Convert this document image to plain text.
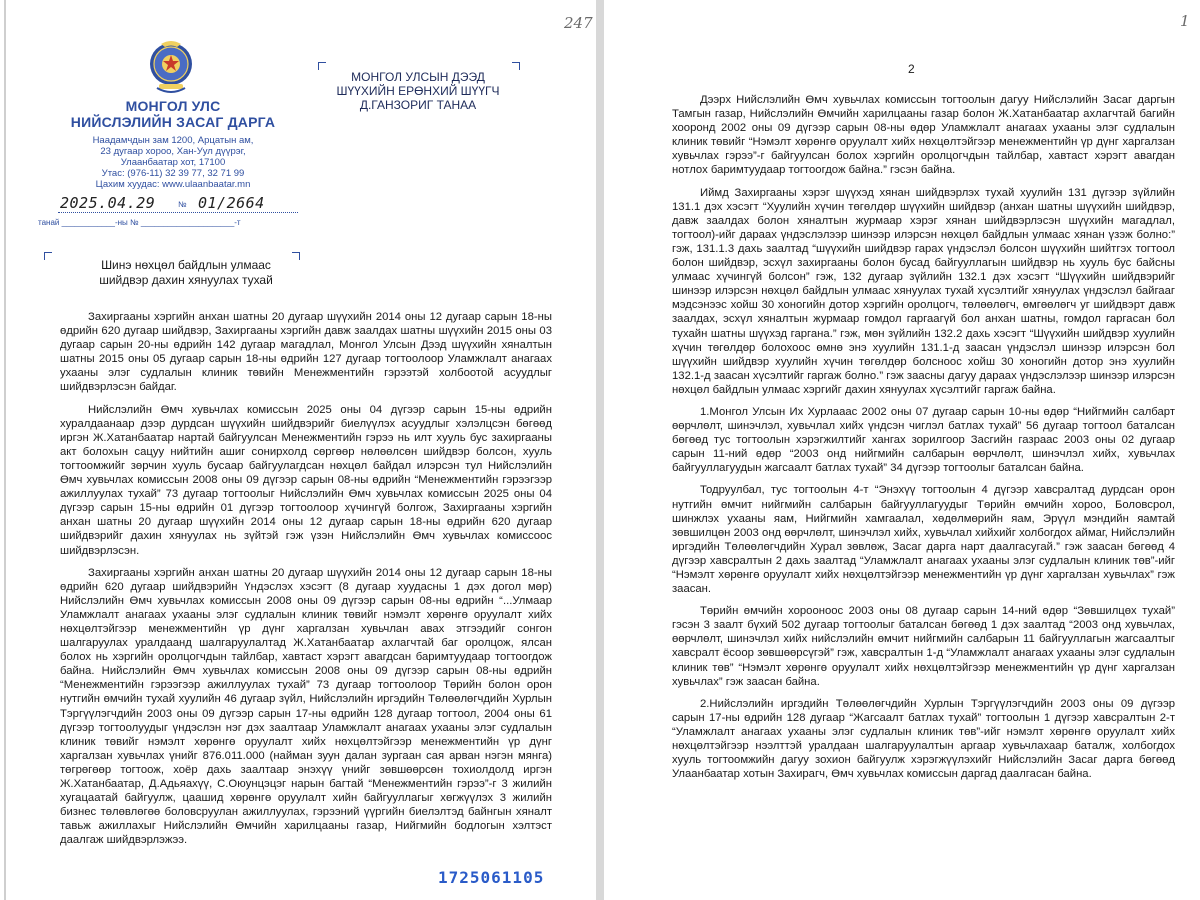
247
МОНГОЛ УЛС
НИЙСЛЭЛИЙН ЗАСАГ ДАРГА
Наадамчдын зам 1200, Арцатын ам,
23 дугаар хороо, Хан-Уул дүүрэг,
Улаанбаатар хот, 17100
Утас: (976-11) 32 39 77, 32 71 99
Цахим хуудас: www.ulaanbaatar.mn
2025.04.29	№ 01/2664
танай ____________-ны № _____________________-т
МОНГОЛ УЛСЫН ДЭЭД
ШҮҮХИЙН ЕРӨНХИЙ ШҮҮГЧ
Д.ГАНЗОРИГ ТАНАА
Шинэ нөхцөл байдлын улмаас
шийдвэр дахин хянуулах тухай

Захиргааны хэргийн анхан шатны 20 дугаар шүүхийн 2014 оны 12 дугаар сарын 18-ны өдрийн 620 дугаар шийдвэр, Захиргааны хэргийн давж заалдах шатны шүүхийн 2015 оны 03 дугаар сарын 20-ны өдрийн 142 дугаар магадлал, Монгол Улсын Дээд шүүхийн хяналтын шатны 2015 оны 05 дугаар сарын 18-ны өдрийн 127 дугаар тогтоолоор Уламжлалт анагаах ухааны элэг судлалын клиник төвийн Менежментийн гэрээтэй холбоотой асуудлыг шийдвэрлэсэн байдаг.

Нийслэлийн Өмч хувьчлах комиссын 2025 оны 04 дүгээр сарын 15-ны өдрийн хуралдаанаар дээр дурдсан шүүхийн шийдвэрийг биелүүлэх асуудлыг хэлэлцсэн бөгөөд иргэн Ж.Хатанбаатар нартай байгуулсан Менежментийн гэрээ нь илт хууль бус захиргааны акт болохын сацуу нийтийн ашиг сонирхолд сөргөөр нөлөөлсөн шийдвэр болсон, хууль тогтоомжийг зөрчин хууль бусаар байгуулагдсан нөхцөл байдал илэрсэн тул Нийслэлийн Өмч хувьчлах комиссын 2008 оны 09 дүгээр сарын 08-ны өдрийн “Менежментийн гэрээгээр ажиллуулах тухай” 73 дугаар тогтоолыг Нийслэлийн Өмч хувьчлах комиссын 2025 оны 04 дүгээр сарын 15-ны өдрийн 01 дүгээр тогтоолоор хүчингүй болгож, Захиргааны хэргийн анхан шатны 20 дугаар шүүхийн 2014 оны 12 дугаар сарын 18-ны өдрийн 620 дугаар шийдвэрийг дахин хянуулах нь зүйтэй гэж үзэн Нийслэлийн Өмч хувьчлах комиссоос шийдвэрлэсэн.

Захиргааны хэргийн анхан шатны 20 дугаар шүүхийн 2014 оны 12 дугаар сарын 18-ны өдрийн 620 дугаар шийдвэрийн Үндэслэх хэсэгт (8 дугаар хуудасны 1 дэх догол мөр) Нийслэлийн Өмч хувьчлах комиссын 2008 оны 09 дүгээр сарын 08-ны өдрийн “...Улмаар Уламжлалт анагаах ухааны элэг судлалын клиник төвийг нэмэлт хөрөнгө оруулалт хийх нөхцөлтэйгээр менежментийн үр дүнг харгалзан хувьчлан авах этгээдийг сонгон шалгаруулах уралдаанд шалгаруулалтад Ж.Хатанбаатар ахлагчтай баг оролцож, ялсан болох нь хэргийн оролцогчдын тайлбар, хавтаст хэрэгт авагдсан баримтуудаар тогтоогдож байна. Нийслэлийн Өмч хувьчлах комиссын 2008 оны 09 дүгээр сарын 08-ны өдрийн “Менежментийн гэрээгээр ажиллуулах тухай” 73 дугаар тогтоолоор Төрийн болон орон нутгийн өмчийн тухай хуулийн 46 дугаар зүйл, Нийслэлийн иргэдийн Төлөөлөгчдийн Хурлын Тэргүүлэгчдийн 2003 оны 09 дүгээр сарын 17-ны өдрийн 128 дугаар тогтоол, 2004 оны 61 дүгээр тогтоолуудыг үндэслэн нэг дэх заалтаар Уламжлалт анагаах ухааны элэг судлалын клиник төвийг нэмэлт хөрөнгө оруулалт хийх нөхцөлтэйгээр менежментийн үр дүнг харгалзан хувьчлах үнийг 876.011.000 (найман зуун далан зургаан сая арван нэгэн мянга) төгрөгөөр тогтоож, хоёр дахь заалтаар энэхүү үнийг зөвшөөрсөн тохиолдолд иргэн Ж.Хатанбаатар, Д.Адьяахүү, С.Оюунцэцэг нарын багтай “Менежментийн гэрээ”-г 3 жилийн хугацаатай байгуулж, цаашид хөрөнгө оруулалт хийн байгууллагыг хөгжүүлэх 3 жилийн бизнес төлөвлөгөө боловсруулан ажиллуулах, гэрээний үүргийн биелэлтэд байнгын хяналт тавьж ажиллахыг Нийслэлийн Өмчийн харилцааны газар, Нийгмийн бодлогын хэлтэст даалгаж шийдвэрлэжээ.

1725061105
1
2

Дээрх Нийслэлийн Өмч хувьчлах комиссын тогтоолын дагуу Нийслэлийн Засаг даргын Тамгын газар, Нийслэлийн Өмчийн харилцааны газар болон Ж.Хатанбаатар ахлагчтай багийн хооронд 2002 оны 09 дүгээр сарын 08-ны өдөр Уламжлалт анагаах ухааны элэг судлалын клиник төвийг “Нэмэлт хөрөнгө оруулалт хийх нөхцөлтэйгээр менежментийн үр дүнг харгалзан хувьчлах гэрээ”-г байгуулсан болох хэргийн оролцогчдын тайлбар, хавтаст хэрэгт авагдан нотлох баримтуудаар тогтоогдож байна.” гэсэн байна.

Иймд Захиргааны хэрэг шүүхэд хянан шийдвэрлэх тухай хуулийн 131 дүгээр зүйлийн 131.1 дэх хэсэгт “Хуулийн хүчин төгөлдөр шүүхийн шийдвэр (анхан шатны шүүхийн шийдвэр, давж заалдах болон хяналтын журмаар хэрэг хянан шийдвэрлэсэн шүүхийн магадлал, тогтоол)-ийг дараах үндэслэлээр шинээр илэрсэн нөхцөл байдлын улмаас хянан үзэж болно:” гэж, 131.1.3 дахь заалтад “шүүхийн шийдвэр гарах үндэслэл болсон шүүхийн шийтгэх тогтоол болон шийдвэр, эсхүл захиргааны болон бусад байгууллагын шийдвэр нь хууль бус байсны улмаас хүчингүй болсон” гэж, 132 дугаар зүйлийн 132.1 дэх хэсэгт “Шүүхийн шийдвэрийг шинээр илэрсэн нөхцөл байдлын улмаас хянуулах тухай хүсэлтийг хянуулах үндэслэл байгааг мэдсэнээс хойш 30 хоногийн дотор хэргийн оролцогч, төлөөлөгч, өмгөөлөгч уг шийдвэрт давж заалдах, эсхүл хяналтын журмаар гомдол гаргаагүй бол анхан шатны, гомдол гаргасан бол тухайн шатны шүүхэд гаргана.” гэж, мөн зүйлийн 132.2 дахь хэсэгт “Шүүхийн шийдвэр хуулийн хүчин төгөлдөр болохоос өмнө энэ хуулийн 131.1-д заасан үндэслэл шинээр илэрсэн бол шүүхийн шийдвэр хуулийн хүчин төгөлдөр болсноос хойш 30 хоногийн дотор энэ хуулийн 132.1-д заасан хүсэлтийг гаргаж болно.” гэж заасны дагуу дараах үндэслэлээр шинээр илэрсэн нөхцөл байдлын улмаас хэргийг дахин хянуулах хүсэлтийг гаргаж байна.

1.Монгол Улсын Их Хурлааас 2002 оны 07 дугаар сарын 10-ны өдөр “Нийгмийн салбарт өөрчлөлт, шинэчлэл, хувьчлал хийх үндсэн чиглэл батлах тухай” 56 дугаар тогтоол баталсан бөгөөд тус тогтоолын хэрэгжилтийг хангах зорилгоор Засгийн газраас 2003 оны 02 дугаар сарын 11-ний өдөр “2003 онд нийгмийн салбарын өөрчлөлт, шинэчлэл хийх, хувьчлах байгууллагуудын жагсаалт батлах тухай” 34 дүгээр тогтоолыг баталсан байна.

Тодруулбал, тус тогтоолын 4-т “Энэхүү тогтоолын 4 дүгээр хавсралтад дурдсан орон нутгийн өмчит нийгмийн салбарын байгууллагуудыг Төрийн өмчийн хороо, Боловсрол, шинжлэх ухааны яам, Нийгмийн хамгаалал, хөдөлмөрийн яам, Эрүүл мэндийн яамтай зөвшилцөн 2003 онд өөрчлөлт, шинэчлэл хийх, хувьчлал хийхийг холбогдох аймаг, Нийслэлийн иргэдийн Төлөөлөгчдийн Хурал зөвлөж, Засаг дарга нарт даалгасугай.” гэж заасан бөгөөд 4 дүгээр хавсралтын 2 дахь заалтад “Уламжлалт анагаах ухааны элэг судлалын клиник төв”-ийг “Нэмэлт хөрөнгө оруулалт хийх нөхцөлтэйгээр менежментийн үр дүнг харгалзан хувьчлах” гэж заасан.

Төрийн өмчийн хорооноос 2003 оны 08 дугаар сарын 14-ний өдөр “Зөвшилцөх тухай” гэсэн 3 заалт бүхий 502 дугаар тогтоолыг баталсан бөгөөд 1 дэх заалтад “2003 онд хувьчлах, өөрчлөлт, шинэчлэл хийх нийслэлийн өмчит нийгмийн салбарын 11 байгууллагын жагсаалтыг хавсралт ёсоор зөвшөөрсүгэй” гэж, хавсралтын 1-д “Уламжлалт анагаах ухааны элэг судлалын клиник төв” “Нэмэлт хөрөнгө оруулалт хийх нөхцөлтэйгээр менежментийн үр дүнг харгалзан хувьчлах” гэж заасан байна.

2.Нийслэлийн иргэдийн Төлөөлөгчдийн Хурлын Тэргүүлэгчдийн 2003 оны 09 дүгээр сарын 17-ны өдрийн 128 дугаар “Жагсаалт батлах тухай” тогтоолын 1 дүгээр хавсралтын 2-т “Уламжлалт анагаах ухааны элэг судлалын клиник төв”-ийг нэмэлт хөрөнгө оруулалт хийх нөхцөлтэйгээр нээлттэй уралдаан шалгаруулалтын аргаар хувьчлахаар баталж, холбогдох хууль тогтоомжийн дагуу зохион байгуулж хэрэгжүүлэхийг Нийслэлийн Засаг дарга бөгөөд Улаанбаатар хотын Захирагч, Өмч хувьчлах комиссын даргад даалгасан байна.
